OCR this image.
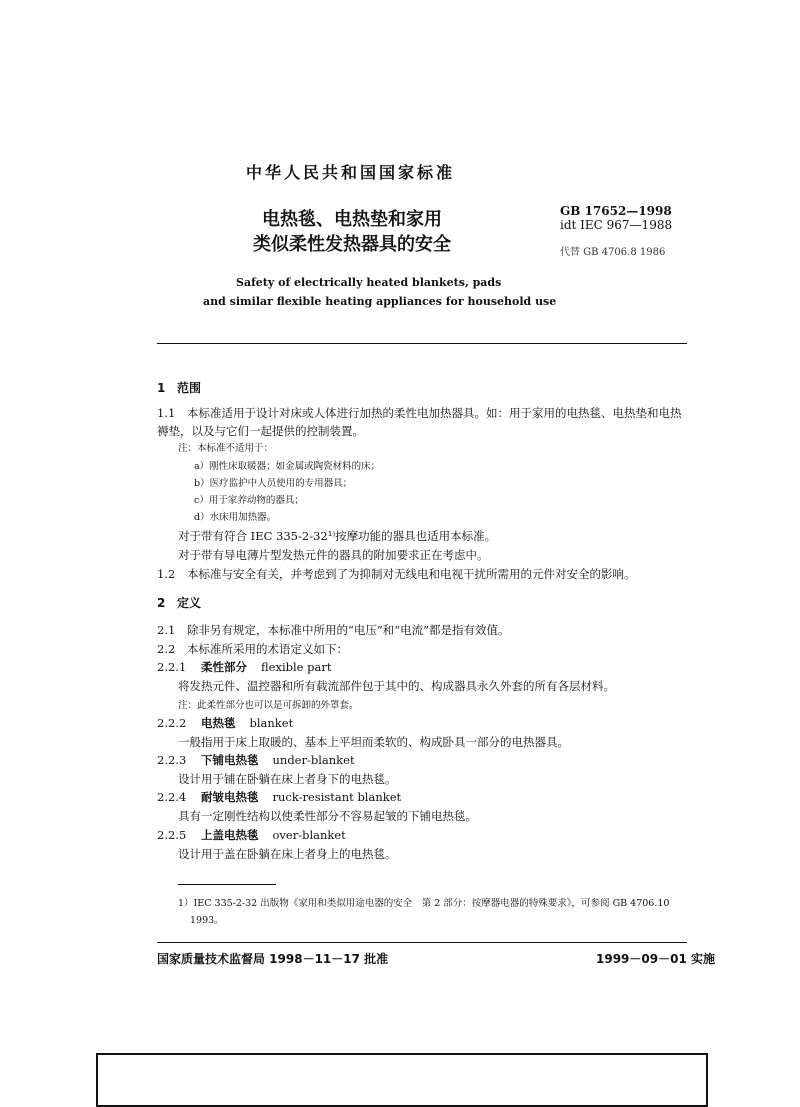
中华人民共和国国家标准
电热毯、电热垫和家用
类似柔性发热器具的安全
GB 17652—1998
idt IEC 967—1988
代替 GB 4706.8 1986
Safety of electrically heated blankets, pads
and similar flexible heating appliances for household use
1 范围
1.1 本标准适用于设计对床或人体进行加热的柔性电加热器具。如：用于家用的电热毯、电热垫和电热
褥垫，以及与它们一起提供的控制装置。
注：本标准不适用于：
a）刚性床取暖器；如金属或陶瓷材料的床；
b）医疗监护中人员使用的专用器具；
c）用于家养动物的器具；
d）水床用加热器。
对于带有符合 IEC 335-2-32¹⁾按摩功能的器具也适用本标准。
对于带有导电薄片型发热元件的器具的附加要求正在考虑中。
1.2 本标准与安全有关，并考虑到了为抑制对无线电和电视干扰所需用的元件对安全的影响。
2 定义
2.1 除非另有规定，本标准中所用的“电压”和“电流”都是指有效值。
2.2 本标准所采用的术语定义如下：
2.2.1 柔性部分 flexible part
将发热元件、温控器和所有载流部件包于其中的、构成器具永久外套的所有各层材料。
注：此柔性部分也可以是可拆卸的外罩套。
2.2.2 电热毯 blanket
一般指用于床上取暖的、基本上平坦而柔软的、构成卧具一部分的电热器具。
2.2.3 下铺电热毯 under-blanket
设计用于铺在卧躺在床上者身下的电热毯。
2.2.4 耐皱电热毯 ruck-resistant blanket
具有一定刚性结构以使柔性部分不容易起皱的下铺电热毯。
2.2.5 上盖电热毯 over-blanket
设计用于盖在卧躺在床上者身上的电热毯。
1）IEC 335-2-32 出版物《家用和类似用途电器的安全　第 2 部分：按摩器电器的特殊要求》，可参阅 GB 4706.10
1993。
国家质量技术监督局 1998－11－17 批准	1999－09－01 实施
